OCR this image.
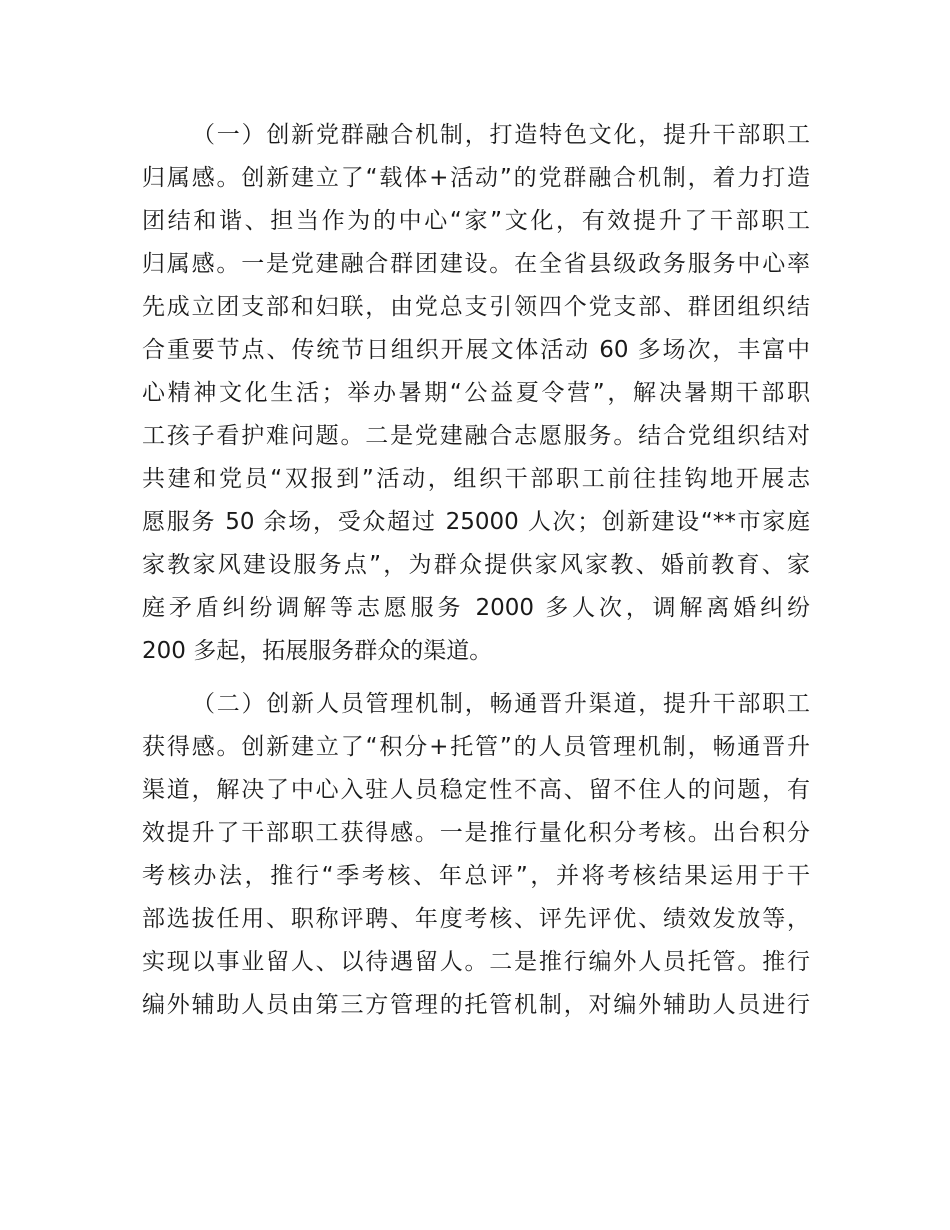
（一）创新党群融合机制，打造特色文化，提升干部职工
归属感。创新建立了“载体+活动”的党群融合机制，着力打造
团结和谐、担当作为的中心“家”文化，有效提升了干部职工
归属感。一是党建融合群团建设。在全省县级政务服务中心率
先成立团支部和妇联，由党总支引领四个党支部、群团组织结
合重要节点、传统节日组织开展文体活动 60 多场次，丰富中
心精神文化生活；举办暑期“公益夏令营”，解决暑期干部职
工孩子看护难问题。二是党建融合志愿服务。结合党组织结对
共建和党员“双报到”活动，组织干部职工前往挂钩地开展志
愿服务 50 余场，受众超过 25000 人次；创新建设“**市家庭
家教家风建设服务点”，为群众提供家风家教、婚前教育、家
庭矛盾纠纷调解等志愿服务 2000 多人次，调解离婚纠纷
200 多起，拓展服务群众的渠道。
（二）创新人员管理机制，畅通晋升渠道，提升干部职工
获得感。创新建立了“积分+托管”的人员管理机制，畅通晋升
渠道，解决了中心入驻人员稳定性不高、留不住人的问题，有
效提升了干部职工获得感。一是推行量化积分考核。出台积分
考核办法，推行“季考核、年总评”，并将考核结果运用于干
部选拔任用、职称评聘、年度考核、评先评优、绩效发放等，
实现以事业留人、以待遇留人。二是推行编外人员托管。推行
编外辅助人员由第三方管理的托管机制，对编外辅助人员进行
